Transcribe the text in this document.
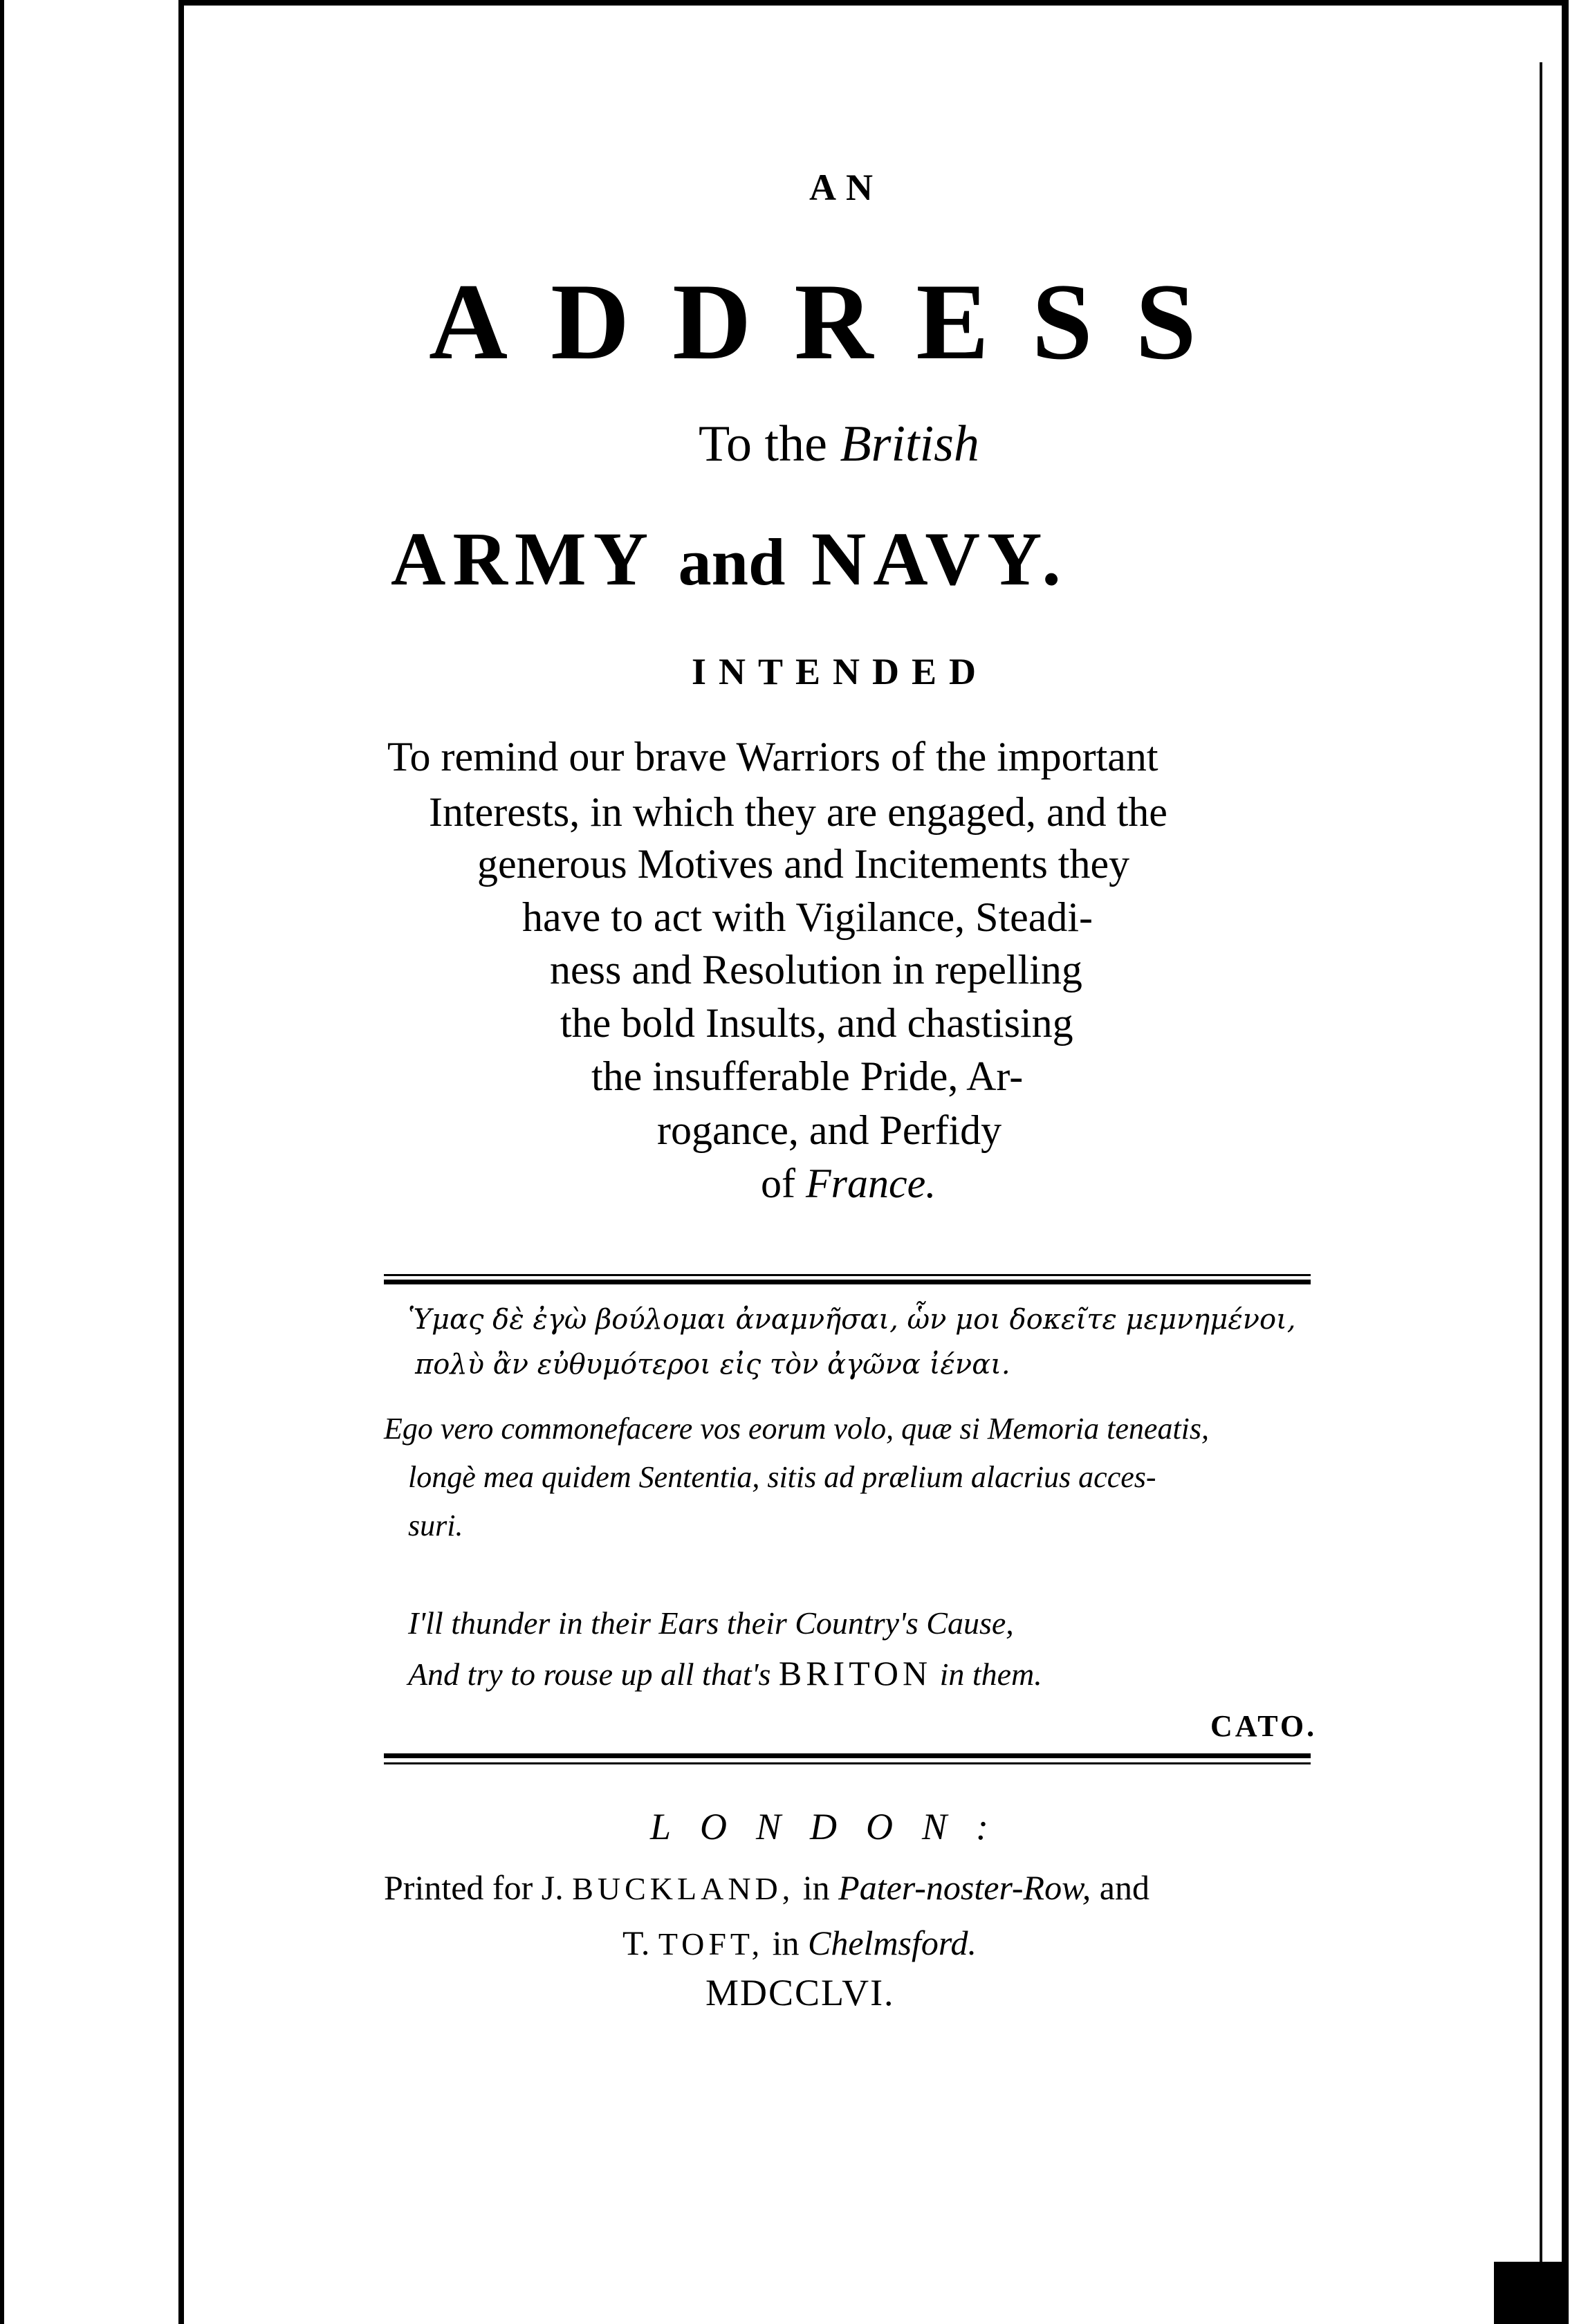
AN

ADDRESS

To the British

ARMY and NAVY.

INTENDED

To remind our brave Warriors of the important

Interests, in which they are engaged, and the

generous Motives and Incitements they

have to act with Vigilance, Steadi-

ness and Resolution in repelling

the bold Insults, and chastising

the insufferable Pride, Ar-

rogance, and Perfidy

of France.

Ὑμας δὲ ἐγὼ βούλομαι ἀναμνῆσαι, ὧν μοι δοκεῖτε μεμνημένοι,

πολὺ ἂν εὐθυμότεροι εἰς τὸν ἀγῶνα ἰέναι.

Ego vero commonefacere vos eorum volo, quæ si Memoria teneatis,

longè mea quidem Sententia, sitis ad prælium alacrius acces-

suri.

I'll thunder in their Ears their Country's Cause,

And try to rouse up all that's BRITON in them.

CATO.

LONDON:

Printed for J. BUCKLAND, in Pater-noster-Row, and

T. TOFT, in Chelmsford.

MDCCLVI.
